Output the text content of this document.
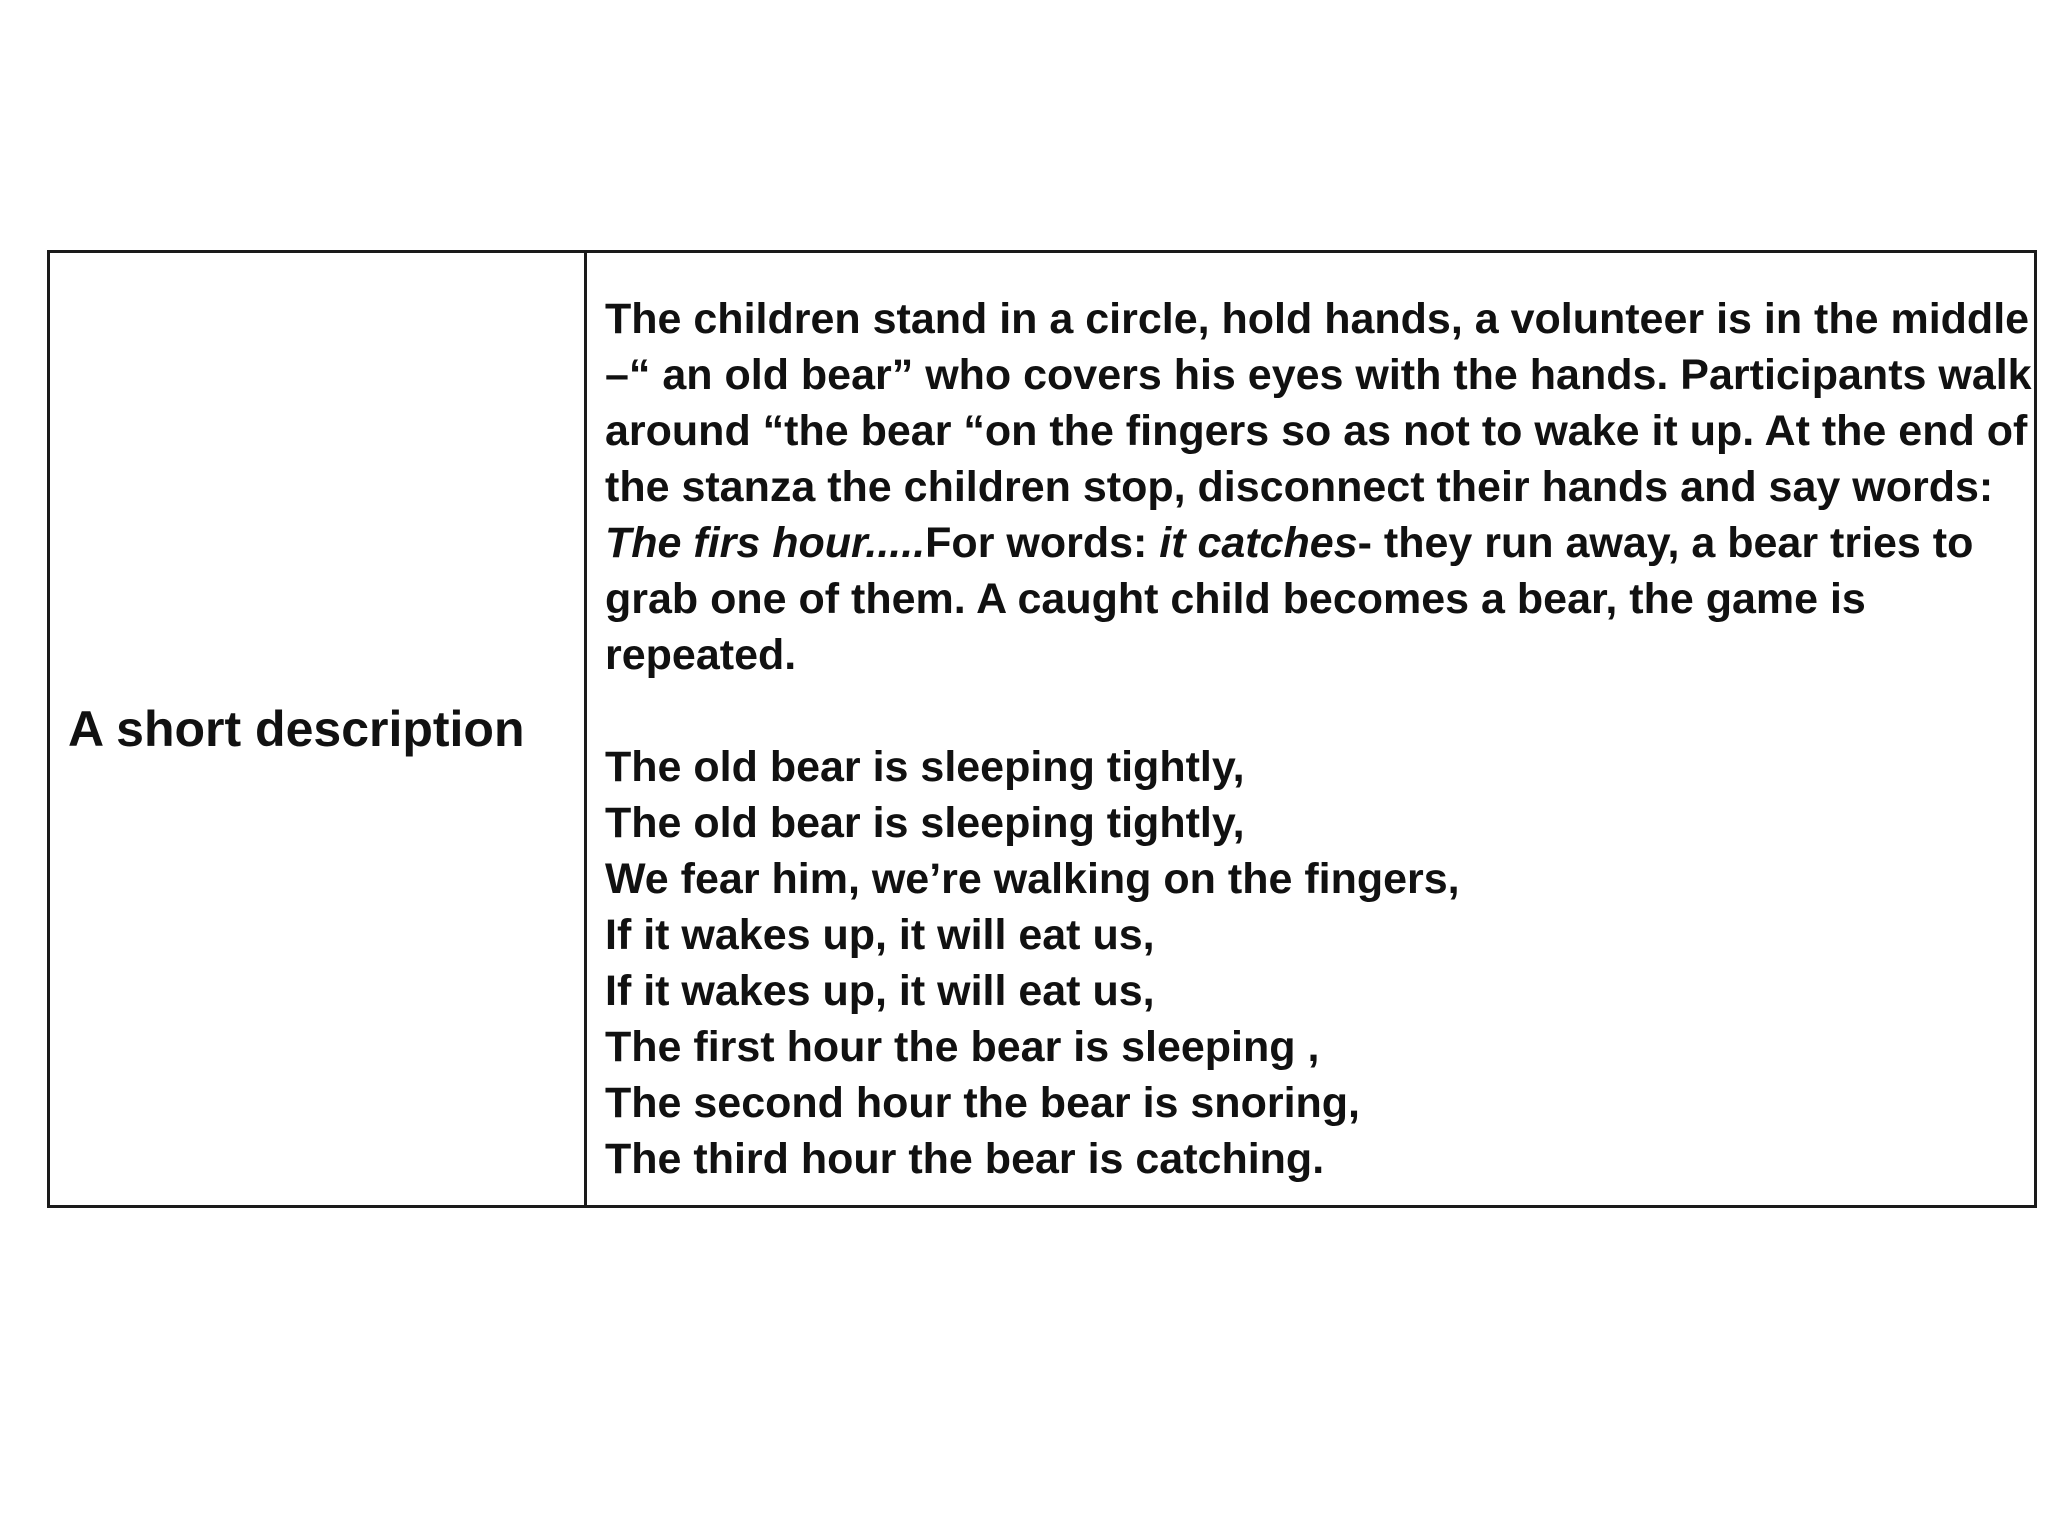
A short description

The children stand in a circle, hold hands, a volunteer is in the middle –“ an old bear” who covers his eyes with the hands. Participants walk around “the bear “on the fingers so as not to wake it up. At the end of the stanza the children stop, disconnect their hands and say words: The firs hour.....For words: it catches- they run away, a bear tries to grab one of them. A caught child becomes a bear, the game is repeated.

The old bear is sleeping tightly,
The old bear is sleeping tightly,
We fear him, we’re walking on the fingers,
If it wakes up, it will eat us,
If it wakes up, it will eat us,
The first hour the bear is sleeping ,
The second hour the bear is snoring,
The third hour the bear is catching.
